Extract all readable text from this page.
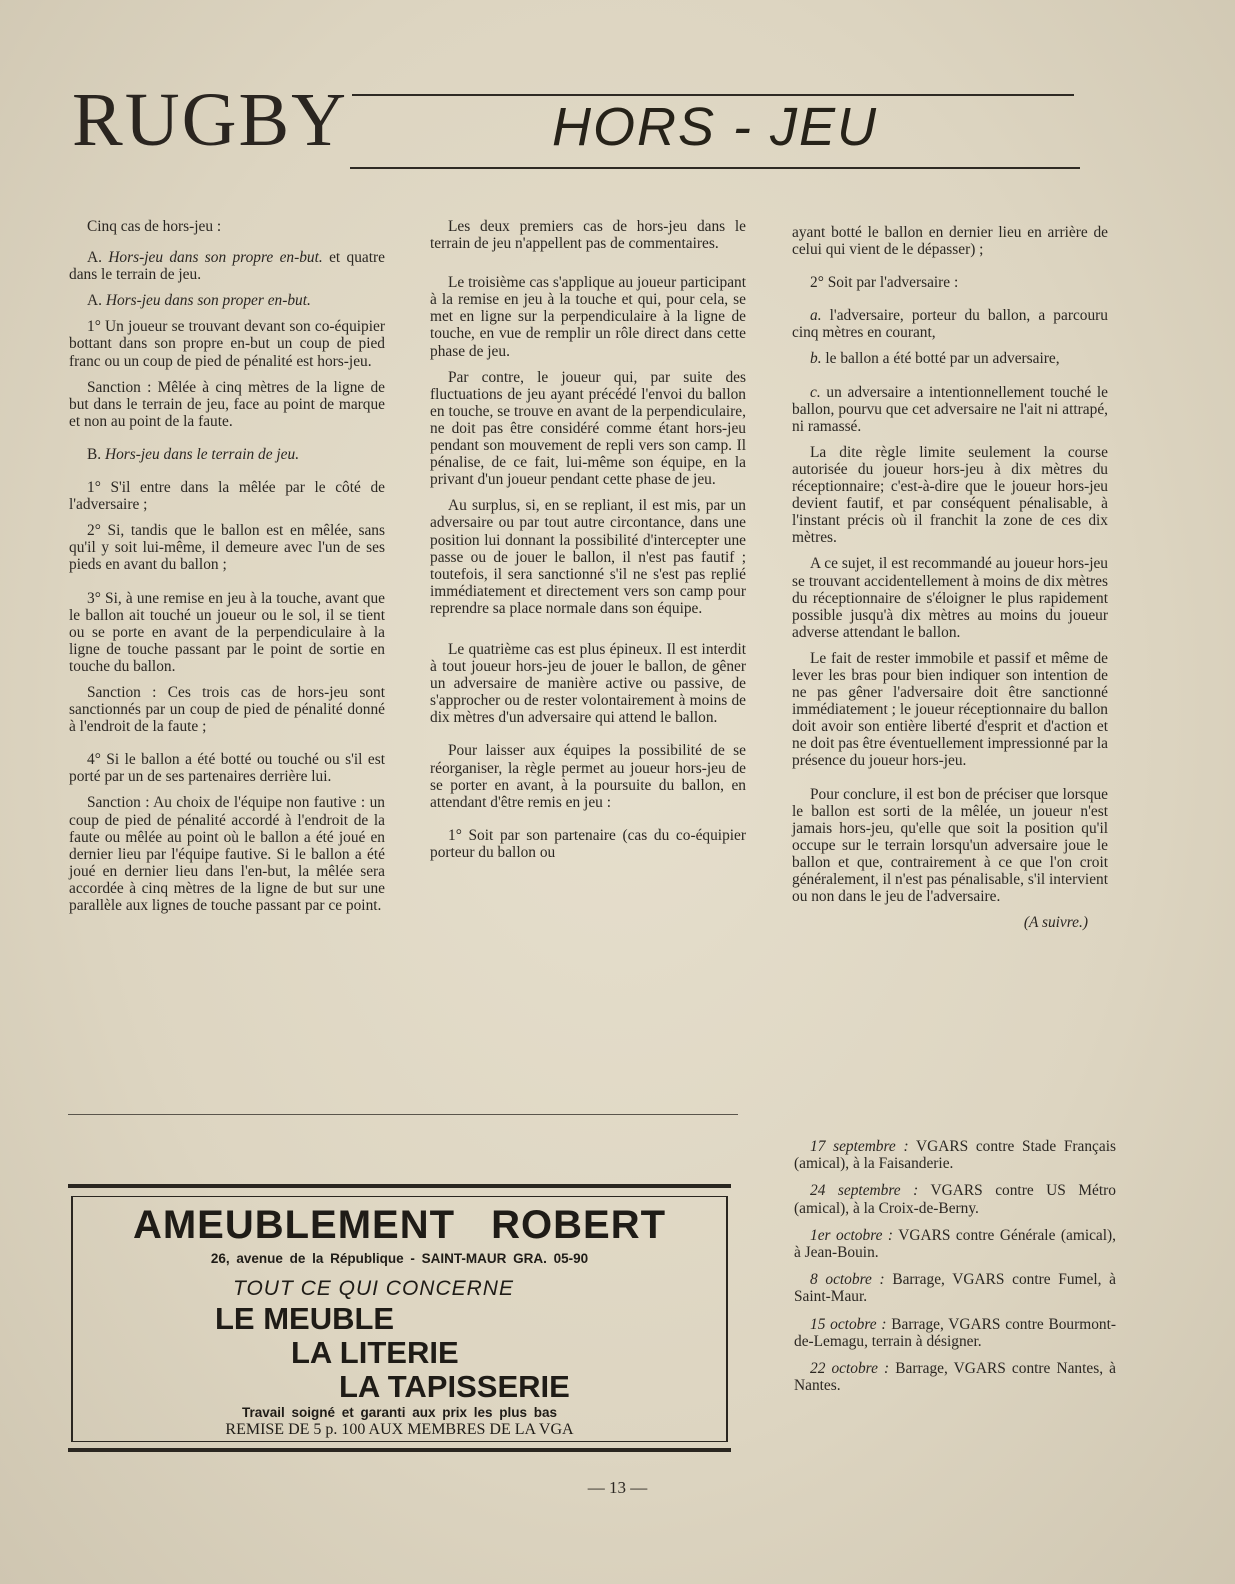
RUGBY	HORS - JEU

Cinq cas de hors-jeu :

A. Hors-jeu dans son propre en-but. et quatre dans le terrain de jeu.

A. Hors-jeu dans son proper en-but.

1° Un joueur se trouvant devant son co-équipier bottant dans son propre en-but un coup de pied franc ou un coup de pied de pénalité est hors-jeu.

Sanction : Mêlée à cinq mètres de la ligne de but dans le terrain de jeu, face au point de marque et non au point de la faute.

B. Hors-jeu dans le terrain de jeu.

1° S'il entre dans la mêlée par le côté de l'adversaire ;

2° Si, tandis que le ballon est en mêlée, sans qu'il y soit lui-même, il demeure avec l'un de ses pieds en avant du ballon ;

3° Si, à une remise en jeu à la touche, avant que le ballon ait touché un joueur ou le sol, il se tient ou se porte en avant de la perpendiculaire à la ligne de touche passant par le point de sortie en touche du ballon.

Sanction : Ces trois cas de hors-jeu sont sanctionnés par un coup de pied de pénalité donné à l'endroit de la faute ;

4° Si le ballon a été botté ou touché ou s'il est porté par un de ses partenaires derrière lui.

Sanction : Au choix de l'équipe non fautive : un coup de pied de pénalité accordé à l'endroit de la faute ou mêlée au point où le ballon a été joué en dernier lieu par l'équipe fautive. Si le ballon a été joué en dernier lieu dans l'en-but, la mêlée sera accordée à cinq mètres de la ligne de but sur une parallèle aux lignes de touche passant par ce point.

Les deux premiers cas de hors-jeu dans le terrain de jeu n'appellent pas de commentaires.

Le troisième cas s'applique au joueur participant à la remise en jeu à la touche et qui, pour cela, se met en ligne sur la perpendiculaire à la ligne de touche, en vue de remplir un rôle direct dans cette phase de jeu.

Par contre, le joueur qui, par suite des fluctuations de jeu ayant précédé l'envoi du ballon en touche, se trouve en avant de la perpendiculaire, ne doit pas être considéré comme étant hors-jeu pendant son mouvement de repli vers son camp. Il pénalise, de ce fait, lui-même son équipe, en la privant d'un joueur pendant cette phase de jeu.

Au surplus, si, en se repliant, il est mis, par un adversaire ou par tout autre circontance, dans une position lui donnant la possibilité d'intercepter une passe ou de jouer le ballon, il n'est pas fautif ; toutefois, il sera sanctionné s'il ne s'est pas replié immédiatement et directement vers son camp pour reprendre sa place normale dans son équipe.

Le quatrième cas est plus épineux. Il est interdit à tout joueur hors-jeu de jouer le ballon, de gêner un adversaire de manière active ou passive, de s'approcher ou de rester volontairement à moins de dix mètres d'un adversaire qui attend le ballon.

Pour laisser aux équipes la possibilité de se réorganiser, la règle permet au joueur hors-jeu de se porter en avant, à la poursuite du ballon, en attendant d'être remis en jeu :

1° Soit par son partenaire (cas du co-équipier porteur du ballon ou

ayant botté le ballon en dernier lieu en arrière de celui qui vient de le dépasser) ;

2° Soit par l'adversaire :

a. l'adversaire, porteur du ballon, a parcouru cinq mètres en courant,

b. le ballon a été botté par un adversaire,

c. un adversaire a intentionnellement touché le ballon, pourvu que cet adversaire ne l'ait ni attrapé, ni ramassé.

La dite règle limite seulement la course autorisée du joueur hors-jeu à dix mètres du réceptionnaire; c'est-à-dire que le joueur hors-jeu devient fautif, et par conséquent pénalisable, à l'instant précis où il franchit la zone de ces dix mètres.

A ce sujet, il est recommandé au joueur hors-jeu se trouvant accidentellement à moins de dix mètres du réceptionnaire de s'éloigner le plus rapidement possible jusqu'à dix mètres au moins du joueur adverse attendant le ballon.

Le fait de rester immobile et passif et même de lever les bras pour bien indiquer son intention de ne pas gêner l'adversaire doit être sanctionné immédiatement ; le joueur réceptionnaire du ballon doit avoir son entière liberté d'esprit et d'action et ne doit pas être éventuellement impressionné par la présence du joueur hors-jeu.

Pour conclure, il est bon de préciser que lorsque le ballon est sorti de la mêlée, un joueur n'est jamais hors-jeu, qu'elle que soit la position qu'il occupe sur le terrain lorsqu'un adversaire joue le ballon et que, contrairement à ce que l'on croit généralement, il n'est pas pénalisable, s'il intervient ou non dans le jeu de l'adversaire.

(A suivre.)

AMEUBLEMENT ROBERT
26, avenue de la République - SAINT-MAUR GRA. 05-90
TOUT CE QUI CONCERNE
LE MEUBLE
LA LITERIE
LA TAPISSERIE
Travail soigné et garanti aux prix les plus bas
REMISE DE 5 p. 100 AUX MEMBRES DE LA VGA

17 septembre : VGARS contre Stade Français (amical), à la Faisanderie.

24 septembre : VGARS contre US Métro (amical), à la Croix-de-Berny.

1er octobre : VGARS contre Générale (amical), à Jean-Bouin.

8 octobre : Barrage, VGARS contre Fumel, à Saint-Maur.

15 octobre : Barrage, VGARS contre Bourmont-de-Lemagu, terrain à désigner.

22 octobre : Barrage, VGARS contre Nantes, à Nantes.

— 13 —
